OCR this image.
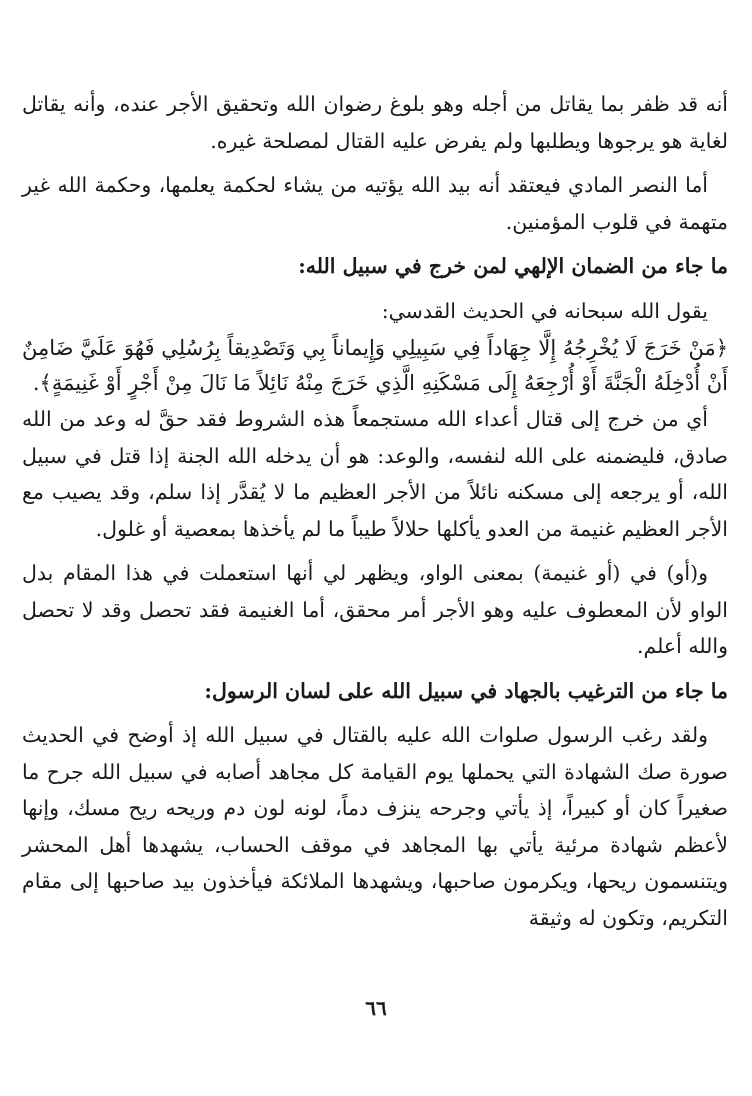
أنه قد ظفر بما يقاتل من أجله وهو بلوغ رضوان الله وتحقيق الأجر عنده، وأنه يقاتل لغاية هو يرجوها ويطلبها ولم يفرض عليه القتال لمصلحة غيره.

أما النصر المادي فيعتقد أنه بيد الله يؤتيه من يشاء لحكمة يعلمها، وحكمة الله غير متهمة في قلوب المؤمنين.

ما جاء من الضمان الإلهي لمن خرج في سبيل الله:

يقول الله سبحانه في الحديث القدسي:

﴿مَنْ خَرَجَ لَا يُخْرِجُهُ إِلَّا جِهَاداً فِي سَبِيلِي وَإِيماناً بِي وَتَصْدِيقاً بِرُسُلِي فَهُوَ عَلَيَّ ضَامِنٌ أَنْ أُدْخِلَهُ الْجَنَّةَ أَوْ أُرْجِعَهُ إِلَى مَسْكَنِهِ الَّذِي خَرَجَ مِنْهُ نَائِلاً مَا نَالَ مِنْ أَجْرٍ أَوْ غَنِيمَةٍ﴾.

أي من خرج إلى قتال أعداء الله مستجمعاً هذه الشروط فقد حقَّ له وعد من الله صادق، فليضمنه على الله لنفسه، والوعد: هو أن يدخله الله الجنة إذا قتل في سبيل الله، أو يرجعه إلى مسكنه نائلاً من الأجر العظيم ما لا يُقدَّر إذا سلم، وقد يصيب مع الأجر العظيم غنيمة من العدو يأكلها حلالاً طيباً ما لم يأخذها بمعصية أو غلول.

و(أو) في (أو غنيمة) بمعنى الواو، ويظهر لي أنها استعملت في هذا المقام بدل الواو لأن المعطوف عليه وهو الأجر أمر محقق، أما الغنيمة فقد تحصل وقد لا تحصل والله أعلم.

ما جاء من الترغيب بالجهاد في سبيل الله على لسان الرسول:

ولقد رغب الرسول صلوات الله عليه بالقتال في سبيل الله إذ أوضح في الحديث صورة صك الشهادة التي يحملها يوم القيامة كل مجاهد أصابه في سبيل الله جرح ما صغيراً كان أو كبيراً، إذ يأتي وجرحه ينزف دماً، لونه لون دم وريحه ريح مسك، وإنها لأعظم شهادة مرئية يأتي بها المجاهد في موقف الحساب، يشهدها أهل المحشر ويتنسمون ريحها، ويكرمون صاحبها، ويشهدها الملائكة فيأخذون بيد صاحبها إلى مقام التكريم، وتكون له وثيقة

٦٦
